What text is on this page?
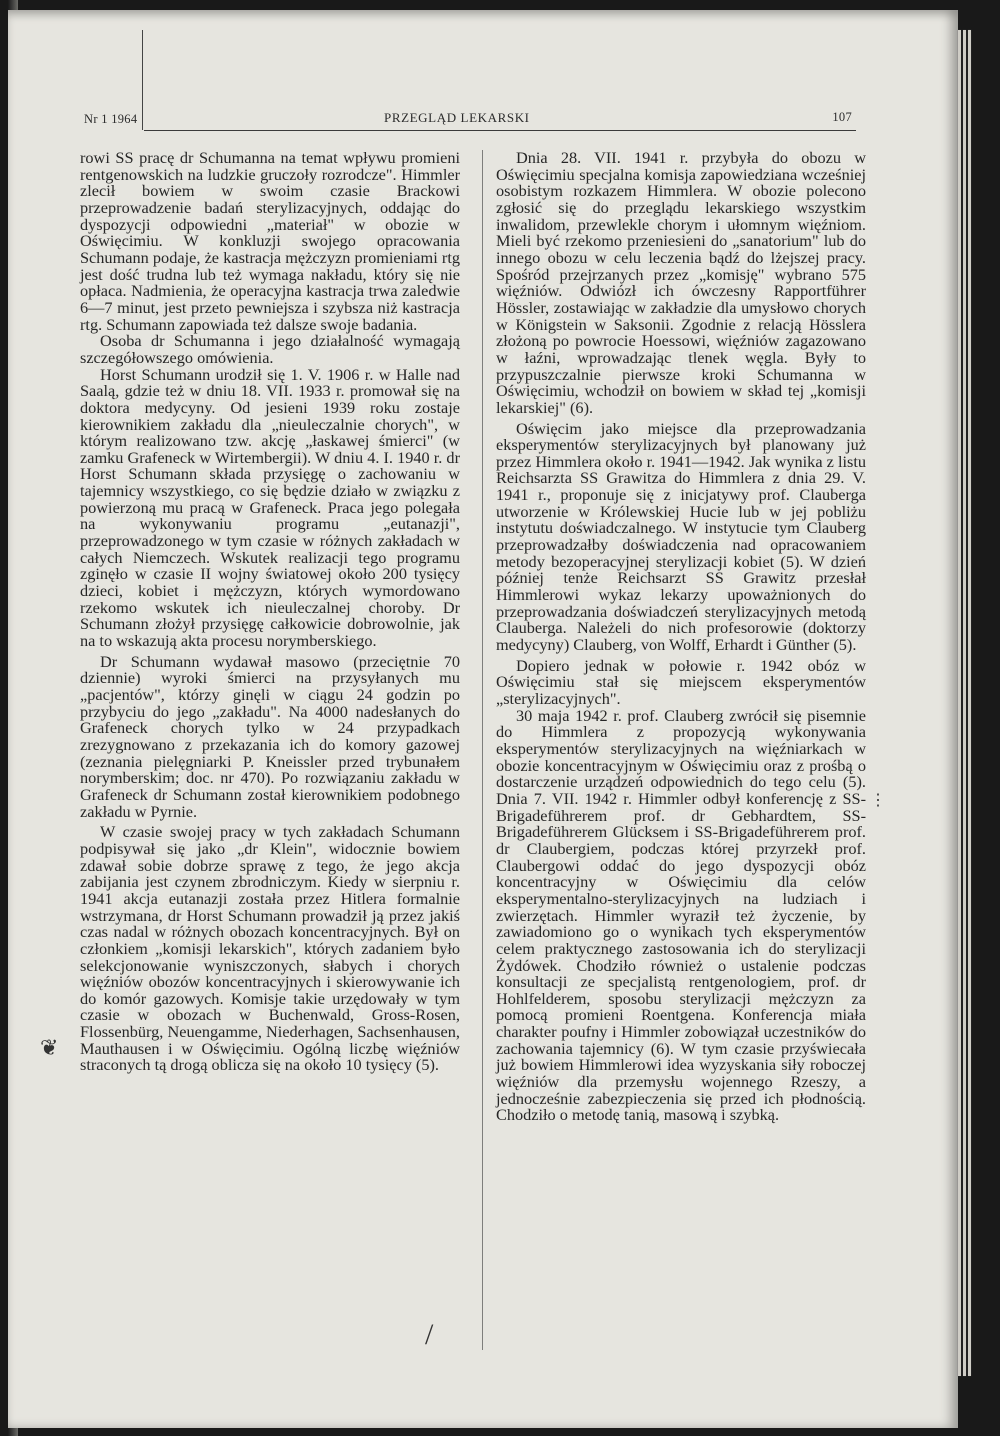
Nr 1 1964	PRZEGLĄD LEKARSKI	107

rowi SS pracę dr Schumanna na temat wpływu promieni rentgenowskich na ludzkie gruczoły rozrodcze". Himmler zlecił bowiem w swoim czasie Brackowi przeprowadzenie badań sterylizacyjnych, oddając do dyspozycji odpowiedni „materiał" w obozie w Oświęcimiu. W konkluzji swojego opracowania Schumann podaje, że kastracja mężczyzn promieniami rtg jest dość trudna lub też wymaga nakładu, który się nie opłaca. Nadmienia, że operacyjna kastracja trwa zaledwie 6—7 minut, jest przeto pewniejsza i szybsza niż kastracja rtg. Schumann zapowiada też dalsze swoje badania.

Osoba dr Schumanna i jego działalność wymagają szczegółowszego omówienia.

Horst Schumann urodził się 1. V. 1906 r. w Halle nad Saalą, gdzie też w dniu 18. VII. 1933 r. promował się na doktora medycyny. Od jesieni 1939 roku zostaje kierownikiem zakładu dla „nieuleczalnie chorych", w którym realizowano tzw. akcję „łaskawej śmierci" (w zamku Grafeneck w Wirtembergii). W dniu 4. I. 1940 r. dr Horst Schumann składa przysięgę o zachowaniu w tajemnicy wszystkiego, co się będzie działo w związku z powierzoną mu pracą w Grafeneck. Praca jego polegała na wykonywaniu programu „eutanazji", przeprowadzonego w tym czasie w różnych zakładach w całych Niemczech. Wskutek realizacji tego programu zginęło w czasie II wojny światowej około 200 tysięcy dzieci, kobiet i mężczyzn, których wymordowano rzekomo wskutek ich nieuleczalnej choroby. Dr Schumann złożył przysięgę całkowicie dobrowolnie, jak na to wskazują akta procesu norymberskiego.

Dr Schumann wydawał masowo (przeciętnie 70 dziennie) wyroki śmierci na przysyłanych mu „pacjentów", którzy ginęli w ciągu 24 godzin po przybyciu do jego „zakładu". Na 4000 nadesłanych do Grafeneck chorych tylko w 24 przypadkach zrezygnowano z przekazania ich do komory gazowej (zeznania pielęgniarki P. Kneissler przed trybunałem norymberskim; doc. nr 470). Po rozwiązaniu zakładu w Grafeneck dr Schumann został kierownikiem podobnego zakładu w Pyrnie.

W czasie swojej pracy w tych zakładach Schumann podpisywał się jako „dr Klein", widocznie bowiem zdawał sobie dobrze sprawę z tego, że jego akcja zabijania jest czynem zbrodniczym. Kiedy w sierpniu r. 1941 akcja eutanazji została przez Hitlera formalnie wstrzymana, dr Horst Schumann prowadził ją przez jakiś czas nadal w różnych obozach koncentracyjnych. Był on członkiem „komisji lekarskich", których zadaniem było selekcjonowanie wyniszczonych, słabych i chorych więźniów obozów koncentracyjnych i skierowywanie ich do komór gazowych. Komisje takie urzędowały w tym czasie w obozach w Buchenwald, Gross-Rosen, Flossenbürg, Neuengamme, Niederhagen, Sachsenhausen, Mauthausen i w Oświęcimiu. Ogólną liczbę więźniów straconych tą drogą oblicza się na około 10 tysięcy (5).

Dnia 28. VII. 1941 r. przybyła do obozu w Oświęcimiu specjalna komisja zapowiedziana wcześniej osobistym rozkazem Himmlera. W obozie polecono zgłosić się do przeglądu lekarskiego wszystkim inwalidom, przewlekle chorym i ułomnym więźniom. Mieli być rzekomo przeniesieni do „sanatorium" lub do innego obozu w celu leczenia bądź do lżejszej pracy. Spośród przejrzanych przez „komisję" wybrano 575 więźniów. Odwiózł ich ówczesny Rapportführer Hössler, zostawiając w zakładzie dla umysłowo chorych w Königstein w Saksonii. Zgodnie z relacją Hösslera złożoną po powrocie Hoessowi, więźniów zagazowano w łaźni, wprowadzając tlenek węgla. Były to przypuszczalnie pierwsze kroki Schumanna w Oświęcimiu, wchodził on bowiem w skład tej „komisji lekarskiej" (6).

Oświęcim jako miejsce dla przeprowadzania eksperymentów sterylizacyjnych był planowany już przez Himmlera około r. 1941—1942. Jak wynika z listu Reichsarzta SS Grawitza do Himmlera z dnia 29. V. 1941 r., proponuje się z inicjatywy prof. Clauberga utworzenie w Królewskiej Hucie lub w jej pobliżu instytutu doświadczalnego. W instytucie tym Clauberg przeprowadzałby doświadczenia nad opracowaniem metody bezoperacyjnej sterylizacji kobiet (5). W dzień później tenże Reichsarzt SS Grawitz przesłał Himmlerowi wykaz lekarzy upoważnionych do przeprowadzania doświadczeń sterylizacyjnych metodą Clauberga. Należeli do nich profesorowie (doktorzy medycyny) Clauberg, von Wolff, Erhardt i Günther (5).

Dopiero jednak w połowie r. 1942 obóz w Oświęcimiu stał się miejscem eksperymentów „sterylizacyjnych".

30 maja 1942 r. prof. Clauberg zwrócił się pisemnie do Himmlera z propozycją wykonywania eksperymentów sterylizacyjnych na więźniarkach w obozie koncentracyjnym w Oświęcimiu oraz z prośbą o dostarczenie urządzeń odpowiednich do tego celu (5). Dnia 7. VII. 1942 r. Himmler odbył konferencję z SS-Brigadeführerem prof. dr Gebhardtem, SS-Brigadeführerem Glücksem i SS-Brigadeführerem prof. dr Claubergiem, podczas której przyrzekł prof. Claubergowi oddać do jego dyspozycji obóz koncentracyjny w Oświęcimiu dla celów eksperymentalno-sterylizacyjnych na ludziach i zwierzętach. Himmler wyraził też życzenie, by zawiadomiono go o wynikach tych eksperymentów celem praktycznego zastosowania ich do sterylizacji Żydówek. Chodziło również o ustalenie podczas konsultacji ze specjalistą rentgenologiem, prof. dr Hohlfelderem, sposobu sterylizacji mężczyzn za pomocą promieni Roentgena. Konferencja miała charakter poufny i Himmler zobowiązał uczestników do zachowania tajemnicy (6). W tym czasie przyświecała już bowiem Himmlerowi idea wyzyskania siły roboczej więźniów dla przemysłu wojennego Rzeszy, a jednocześnie zabezpieczenia się przed ich płodnością. Chodziło o metodę tanią, masową i szybką.

❦
/
⋮
